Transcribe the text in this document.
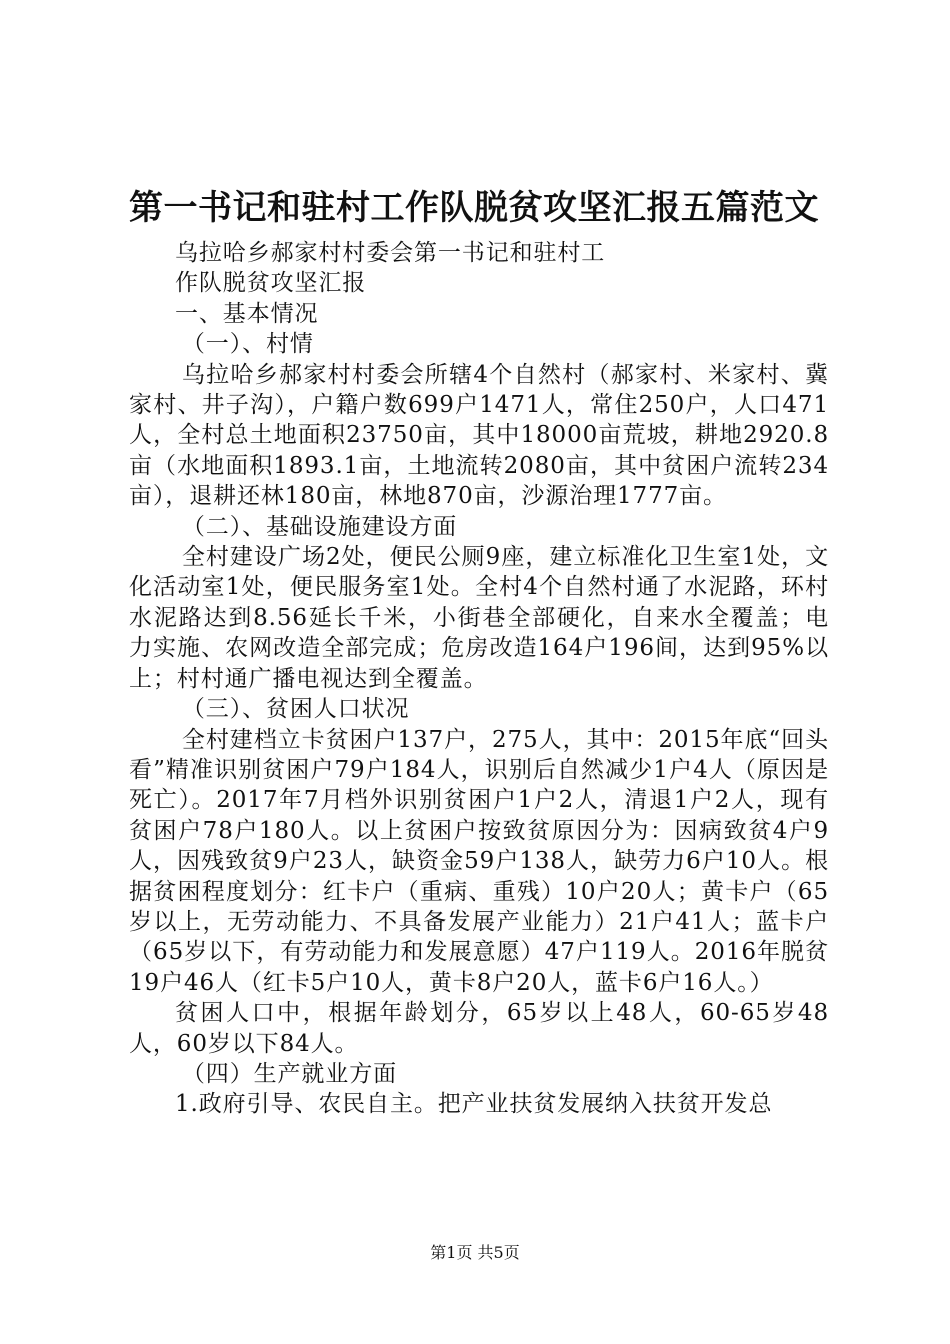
第一书记和驻村工作队脱贫攻坚汇报五篇范文

乌拉哈乡郝家村村委会第一书记和驻村工

作队脱贫攻坚汇报

一、基本情况

（一）、村情

乌拉哈乡郝家村村委会所辖4个自然村（郝家村、米家村、冀家村、井子沟），户籍户数699户1471人，常住250户，人口471人，全村总土地面积23750亩，其中18000亩荒坡，耕地2920.8亩（水地面积1893.1亩，土地流转2080亩，其中贫困户流转234亩），退耕还林180亩，林地870亩，沙源治理1777亩。

（二）、基础设施建设方面

全村建设广场2处，便民公厕9座，建立标准化卫生室1处，文化活动室1处，便民服务室1处。全村4个自然村通了水泥路，环村水泥路达到8.56延长千米，小街巷全部硬化，自来水全覆盖；电力实施、农网改造全部完成；危房改造164户196间，达到95%以上；村村通广播电视达到全覆盖。

（三）、贫困人口状况

全村建档立卡贫困户137户，275人，其中：2015年底“回头看”精准识别贫困户79户184人，识别后自然减少1户4人（原因是死亡）。2017年7月档外识别贫困户1户2人，清退1户2人，现有贫困户78户180人。以上贫困户按致贫原因分为：因病致贫4户9人，因残致贫9户23人，缺资金59户138人，缺劳力6户10人。根据贫困程度划分：红卡户（重病、重残）10户20人；黄卡户（65岁以上，无劳动能力、不具备发展产业能力）21户41人；蓝卡户（65岁以下，有劳动能力和发展意愿）47户119人。2016年脱贫19户46人（红卡5户10人，黄卡8户20人，蓝卡6户16人。）

贫困人口中，根据年龄划分，65岁以上48人，60-65岁48人，60岁以下84人。

（四）生产就业方面

1.政府引导、农民自主。把产业扶贫发展纳入扶贫开发总

第1页 共5页
